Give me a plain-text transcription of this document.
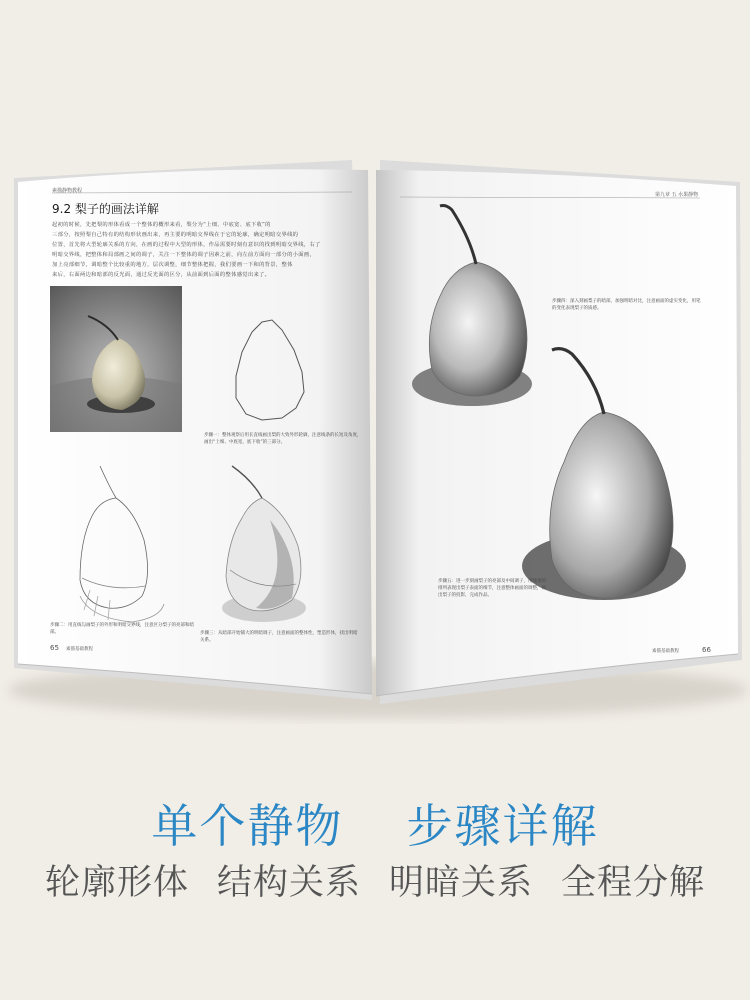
素描静物教程
9.2 梨子的画法详解
起初的时候，先把梨的形体看成一个整体的概形来看，梨分为“上细、中底宽、底下收”的
三部分，按照梨自己特有的结构形状画出来，再主要的明暗交界线在于它的轮廓，确定明暗交界线的
位置，首先将大型轮廓关系的方向，在画的过程中大型的形体，作品需要时刻有意识的找到明暗交界线，右了
明暗交界线，把整体和局部画之间的调子，关注一下整体的调子因素之前，向左前方面向一部分的小面画，
加上亮部细节，调暗整个比较重的地方，层次调整，细节整体把握，我们要画一下和的背景，整体
来后，右面两边和暗部的反光面，通过反光面的区分，从前面到后面的整体感觉出来了。
步骤一：整体观察后用长直线画出梨的大致外形轮廓，注意线条的长短及角度，画出“上细、中底宽、底下收”的三部分。
步骤二：用直线勾画梨子的外形和明暗交界线，注意区分梨子的亮部和暗部。	步骤三：从暗部开始铺大的明暗调子，注意画面的整体性，塑造形体，找出明暗关系。
65 素描基础教程
第九章 五 水果静物
步骤四：深入刻画梨子的暗部，加强明暗对比，注意画面的虚实变化，用笔的变化表现梨子的质感。
步骤五：进一步刻画梨子的亮部及中间调子，用线条的排列表现出梨子表面的细节，注意整体画面的调整，画出梨子的投影，完成作品。
素描基础教程	66
单个静物 步骤详解
轮廓形体 结构关系 明暗关系 全程分解
